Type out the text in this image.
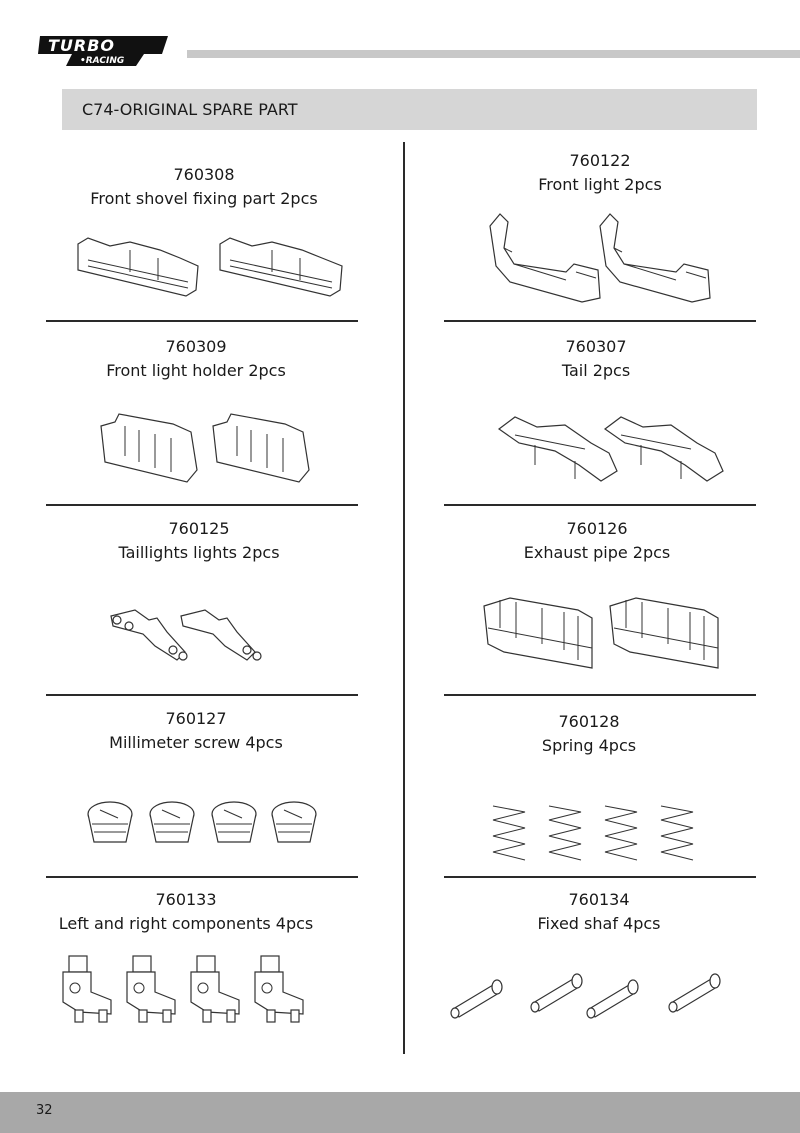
TURBO
•RACING
C74-ORIGINAL SPARE PART
760308
Front shovel fixing part 2pcs
760122
Front light 2pcs
760309
Front light holder 2pcs
760307
Tail 2pcs
760125
Taillights lights 2pcs
760126
Exhaust pipe 2pcs
760127
Millimeter screw 4pcs
760128
Spring 4pcs
760133
Left and right components 4pcs
760134
Fixed shaf 4pcs
32
